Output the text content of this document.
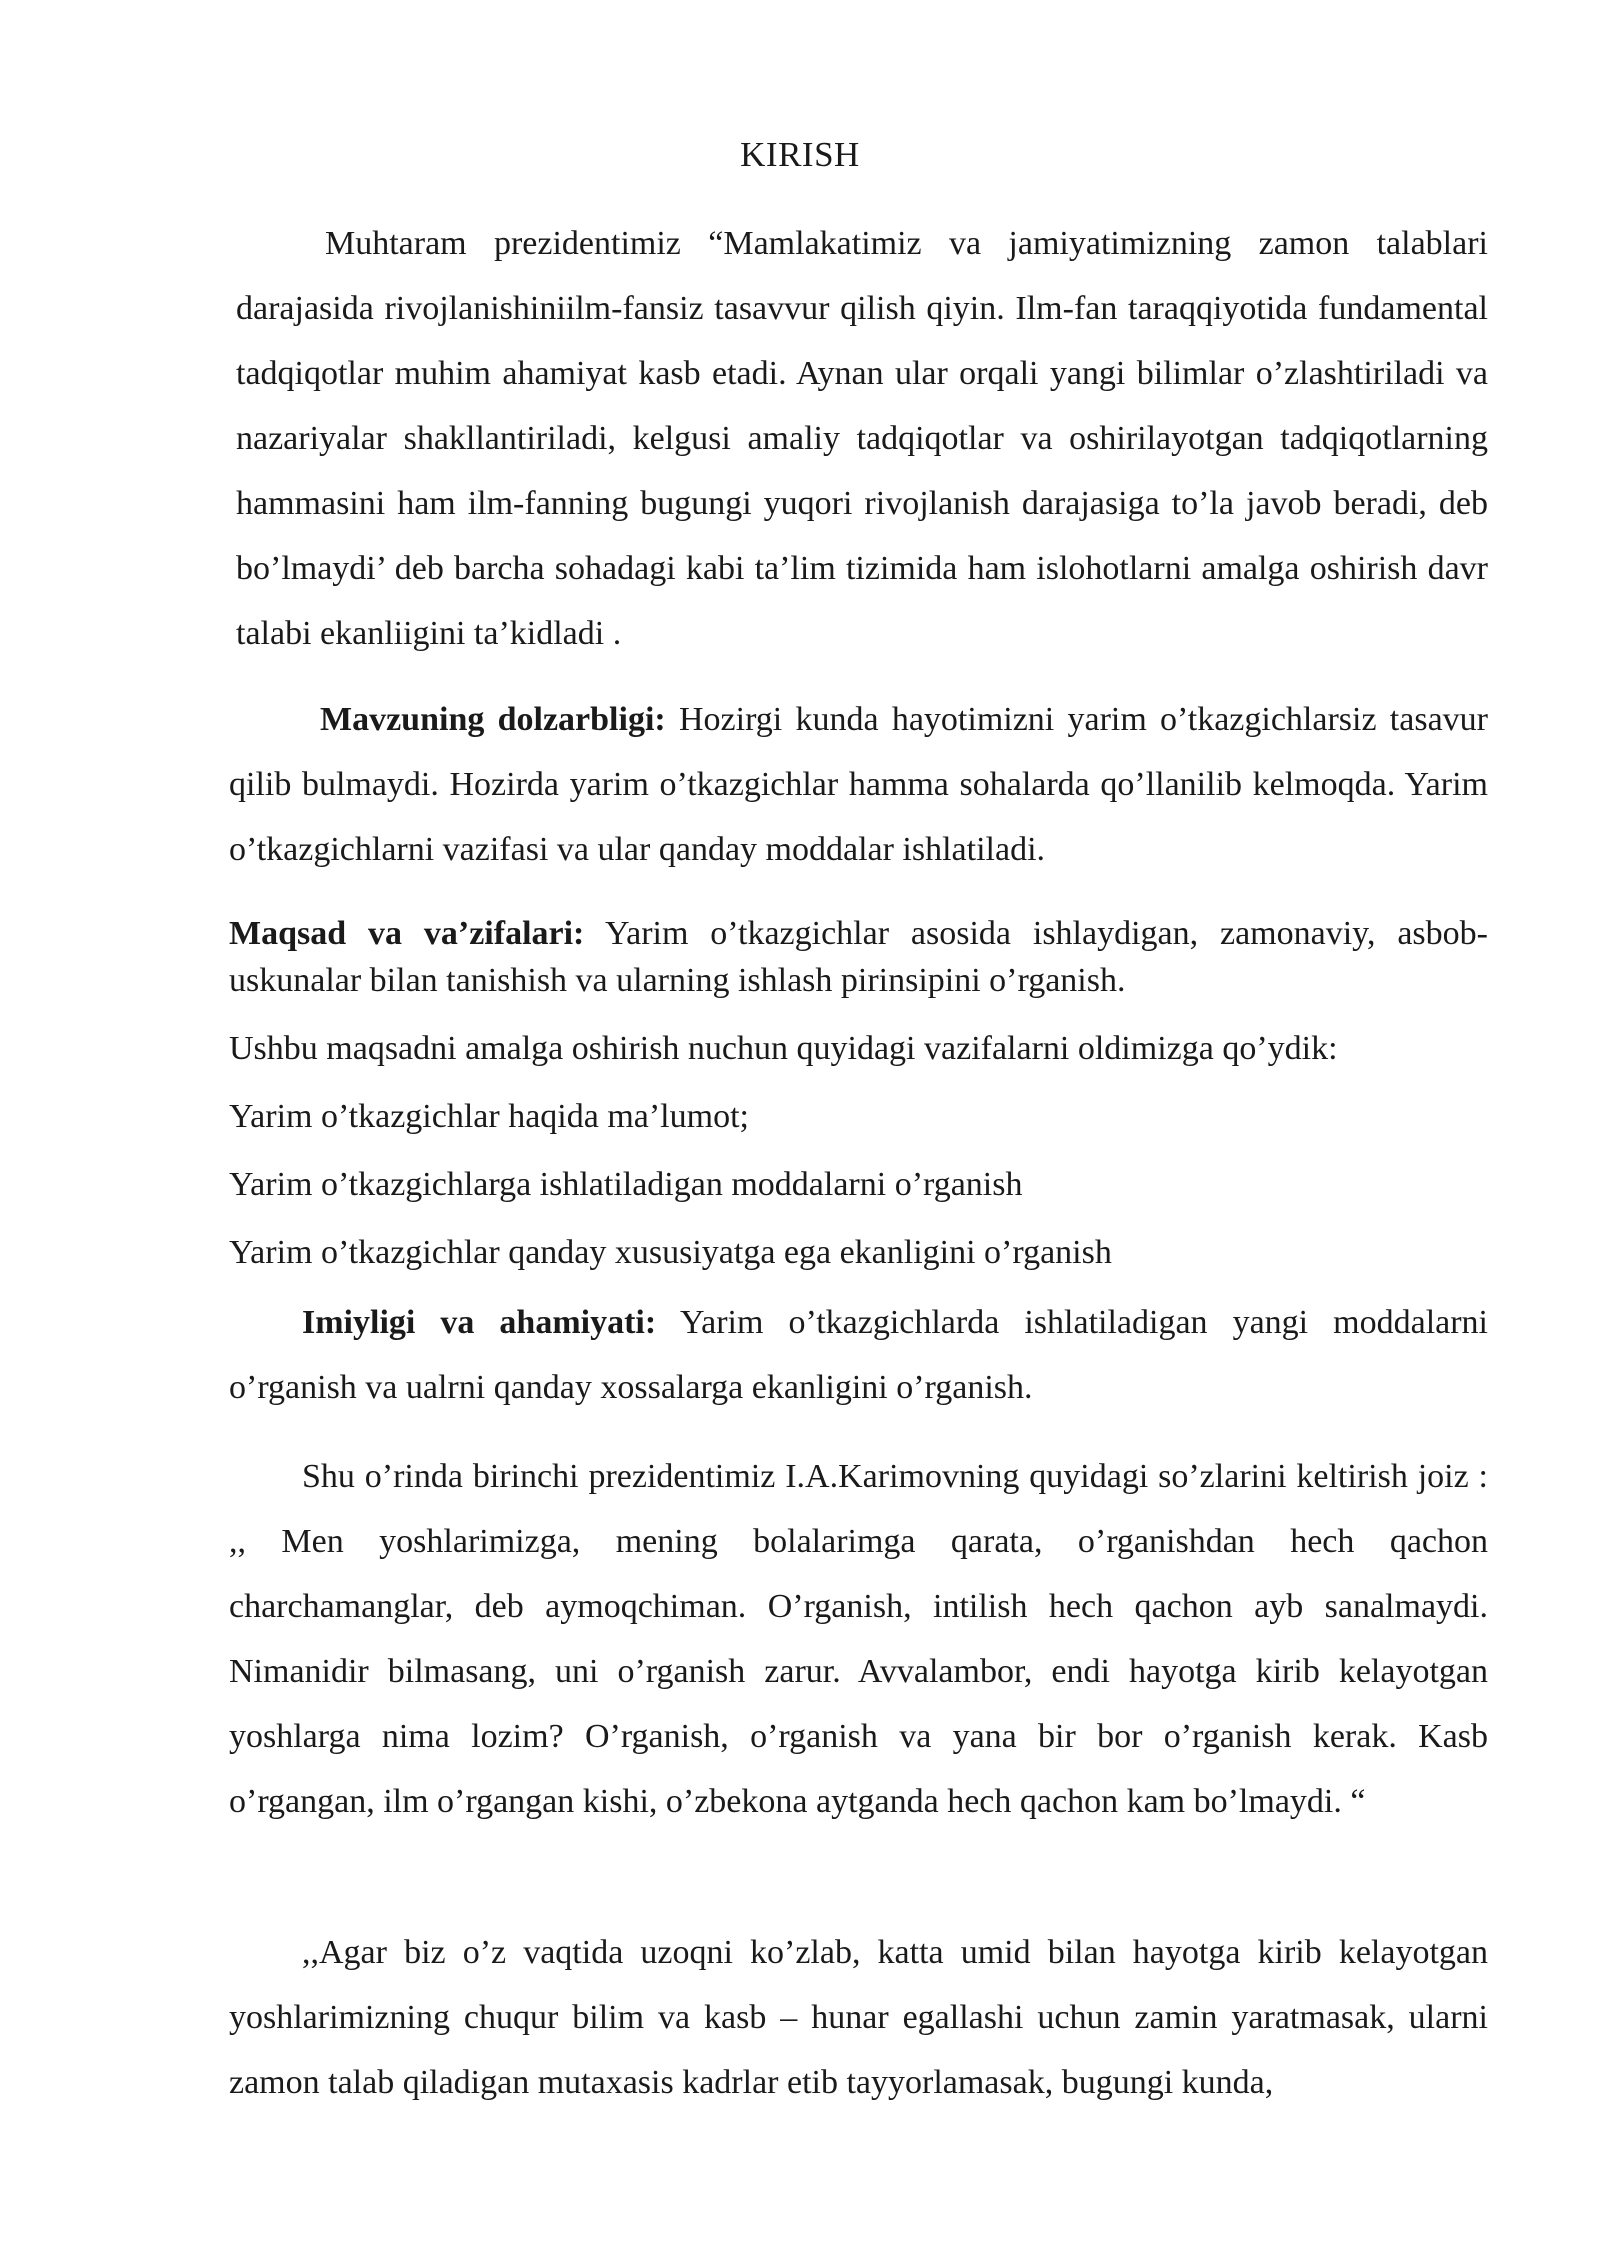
KIRISH

Muhtaram prezidentimiz “Mamlakatimiz va jamiyatimizning zamon talablari darajasida rivojlanishiniilm-fansiz tasavvur qilish qiyin. Ilm-fan taraqqiyotida fundamental tadqiqotlar muhim ahamiyat kasb etadi. Aynan ular orqali yangi bilimlar o’zlashtiriladi va nazariyalar shakllantiriladi, kelgusi amaliy tadqiqotlar va oshirilayotgan tadqiqotlarning hammasini ham ilm-fanning bugungi yuqori rivojlanish darajasiga to’la javob beradi, deb bo’lmaydi’ deb barcha sohadagi kabi ta’lim tizimida ham islohotlarni amalga oshirish davr talabi ekanliigini ta’kidladi .

Mavzuning dolzarbligi: Hozirgi kunda hayotimizni yarim o’tkazgichlarsiz tasavur qilib bulmaydi. Hozirda yarim o’tkazgichlar hamma sohalarda qo’llanilib kelmoqda. Yarim o’tkazgichlarni vazifasi va ular qanday moddalar ishlatiladi.

Maqsad va va’zifalari: Yarim o’tkazgichlar asosida ishlaydigan, zamonaviy, asbob-uskunalar bilan tanishish va ularning ishlash pirinsipini o’rganish.

Ushbu maqsadni amalga oshirish nuchun quyidagi vazifalarni oldimizga qo’ydik:

Yarim o’tkazgichlar haqida ma’lumot;

Yarim o’tkazgichlarga ishlatiladigan moddalarni o’rganish

Yarim o’tkazgichlar qanday xususiyatga ega ekanligini o’rganish

Imiyligi va ahamiyati: Yarim o’tkazgichlarda ishlatiladigan yangi moddalarni o’rganish va ualrni qanday xossalarga ekanligini o’rganish.

Shu o’rinda birinchi prezidentimiz I.A.Karimovning quyidagi so’zlarini keltirish joiz : ,, Men yoshlarimizga, mening bolalarimga qarata, o’rganishdan hech qachon charchamanglar, deb aymoqchiman. O’rganish, intilish hech qachon ayb sanalmaydi. Nimanidir bilmasang, uni o’rganish zarur. Avvalambor, endi hayotga kirib kelayotgan yoshlarga nima lozim? O’rganish, o’rganish va yana bir bor o’rganish kerak. Kasb o’rgangan, ilm o’rgangan kishi, o’zbekona aytganda hech qachon kam bo’lmaydi. “

,,Agar biz o’z vaqtida uzoqni ko’zlab, katta umid bilan hayotga kirib kelayotgan yoshlarimizning chuqur bilim va kasb – hunar egallashi uchun zamin yaratmasak, ularni zamon talab qiladigan mutaxasis kadrlar etib tayyorlamasak, bugungi kunda,
